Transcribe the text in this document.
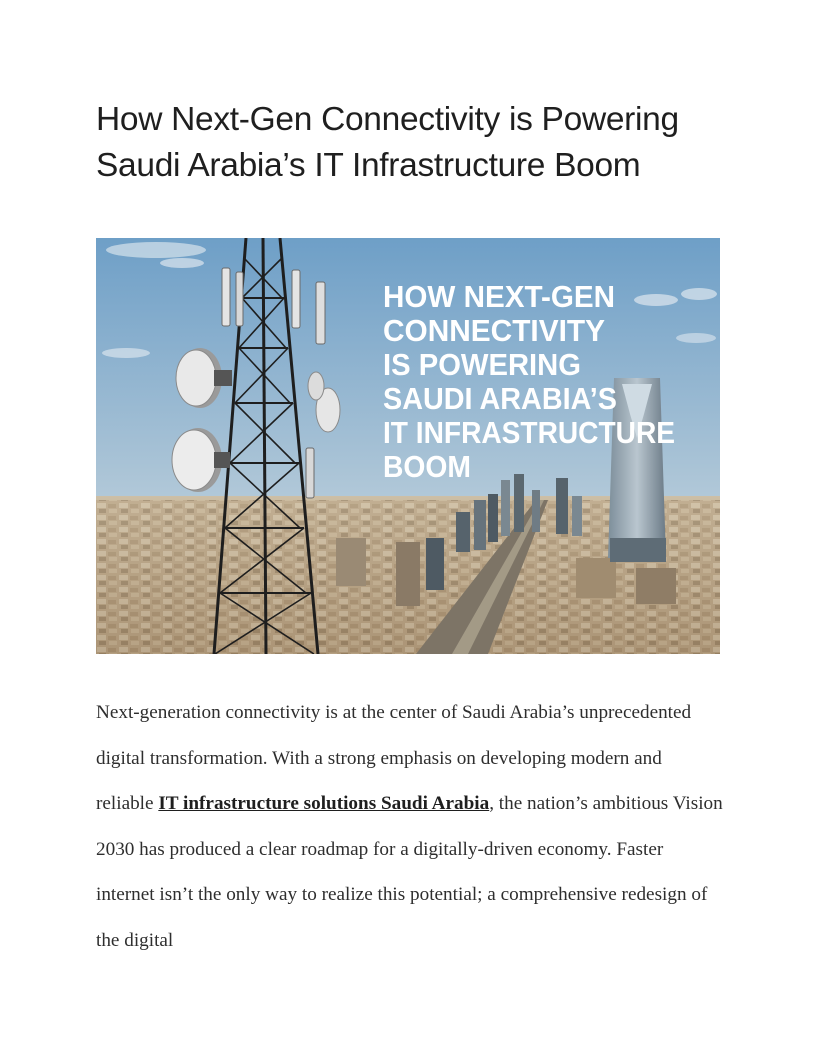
How Next-Gen Connectivity is Powering
Saudi Arabia’s IT Infrastructure Boom
HOW NEXT-GEN
CONNECTIVITY
IS POWERING
SAUDI ARABIA’S
IT INFRASTRUCTURE
BOOM

Next-generation connectivity is at the center of Saudi Arabia’s unprecedented digital transformation. With a strong emphasis on developing modern and reliable IT infrastructure solutions Saudi Arabia, the nation’s ambitious Vision 2030 has produced a clear roadmap for a digitally-driven economy. Faster internet isn’t the only way to realize this potential; a comprehensive redesign of the digital
